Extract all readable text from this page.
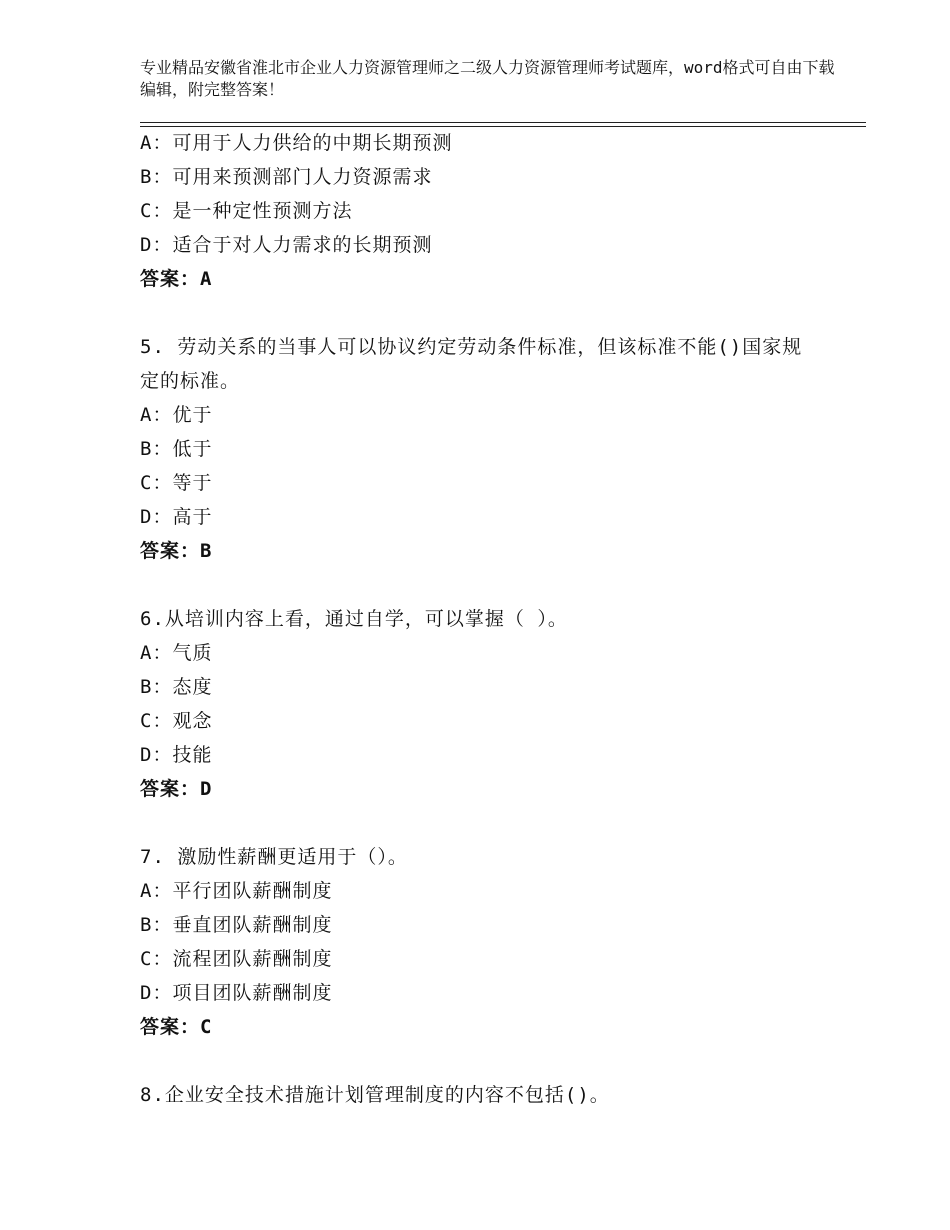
专业精品安徽省淮北市企业人力资源管理师之二级人力资源管理师考试题库，word格式可自由下载编辑，附完整答案！
A：可用于人力供给的中期长期预测
B：可用来预测部门人力资源需求
C：是一种定性预测方法
D：适合于对人力需求的长期预测
答案：A
5. 劳动关系的当事人可以协议约定劳动条件标准，但该标准不能()国家规定的标准。
A：优于
B：低于
C：等于
D：高于
答案：B
6.从培训内容上看，通过自学，可以掌握（ ）。
A：气质
B：态度
C：观念
D：技能
答案：D
7. 激励性薪酬更适用于（）。
A：平行团队薪酬制度
B：垂直团队薪酬制度
C：流程团队薪酬制度
D：项目团队薪酬制度
答案：C
8.企业安全技术措施计划管理制度的内容不包括()。
